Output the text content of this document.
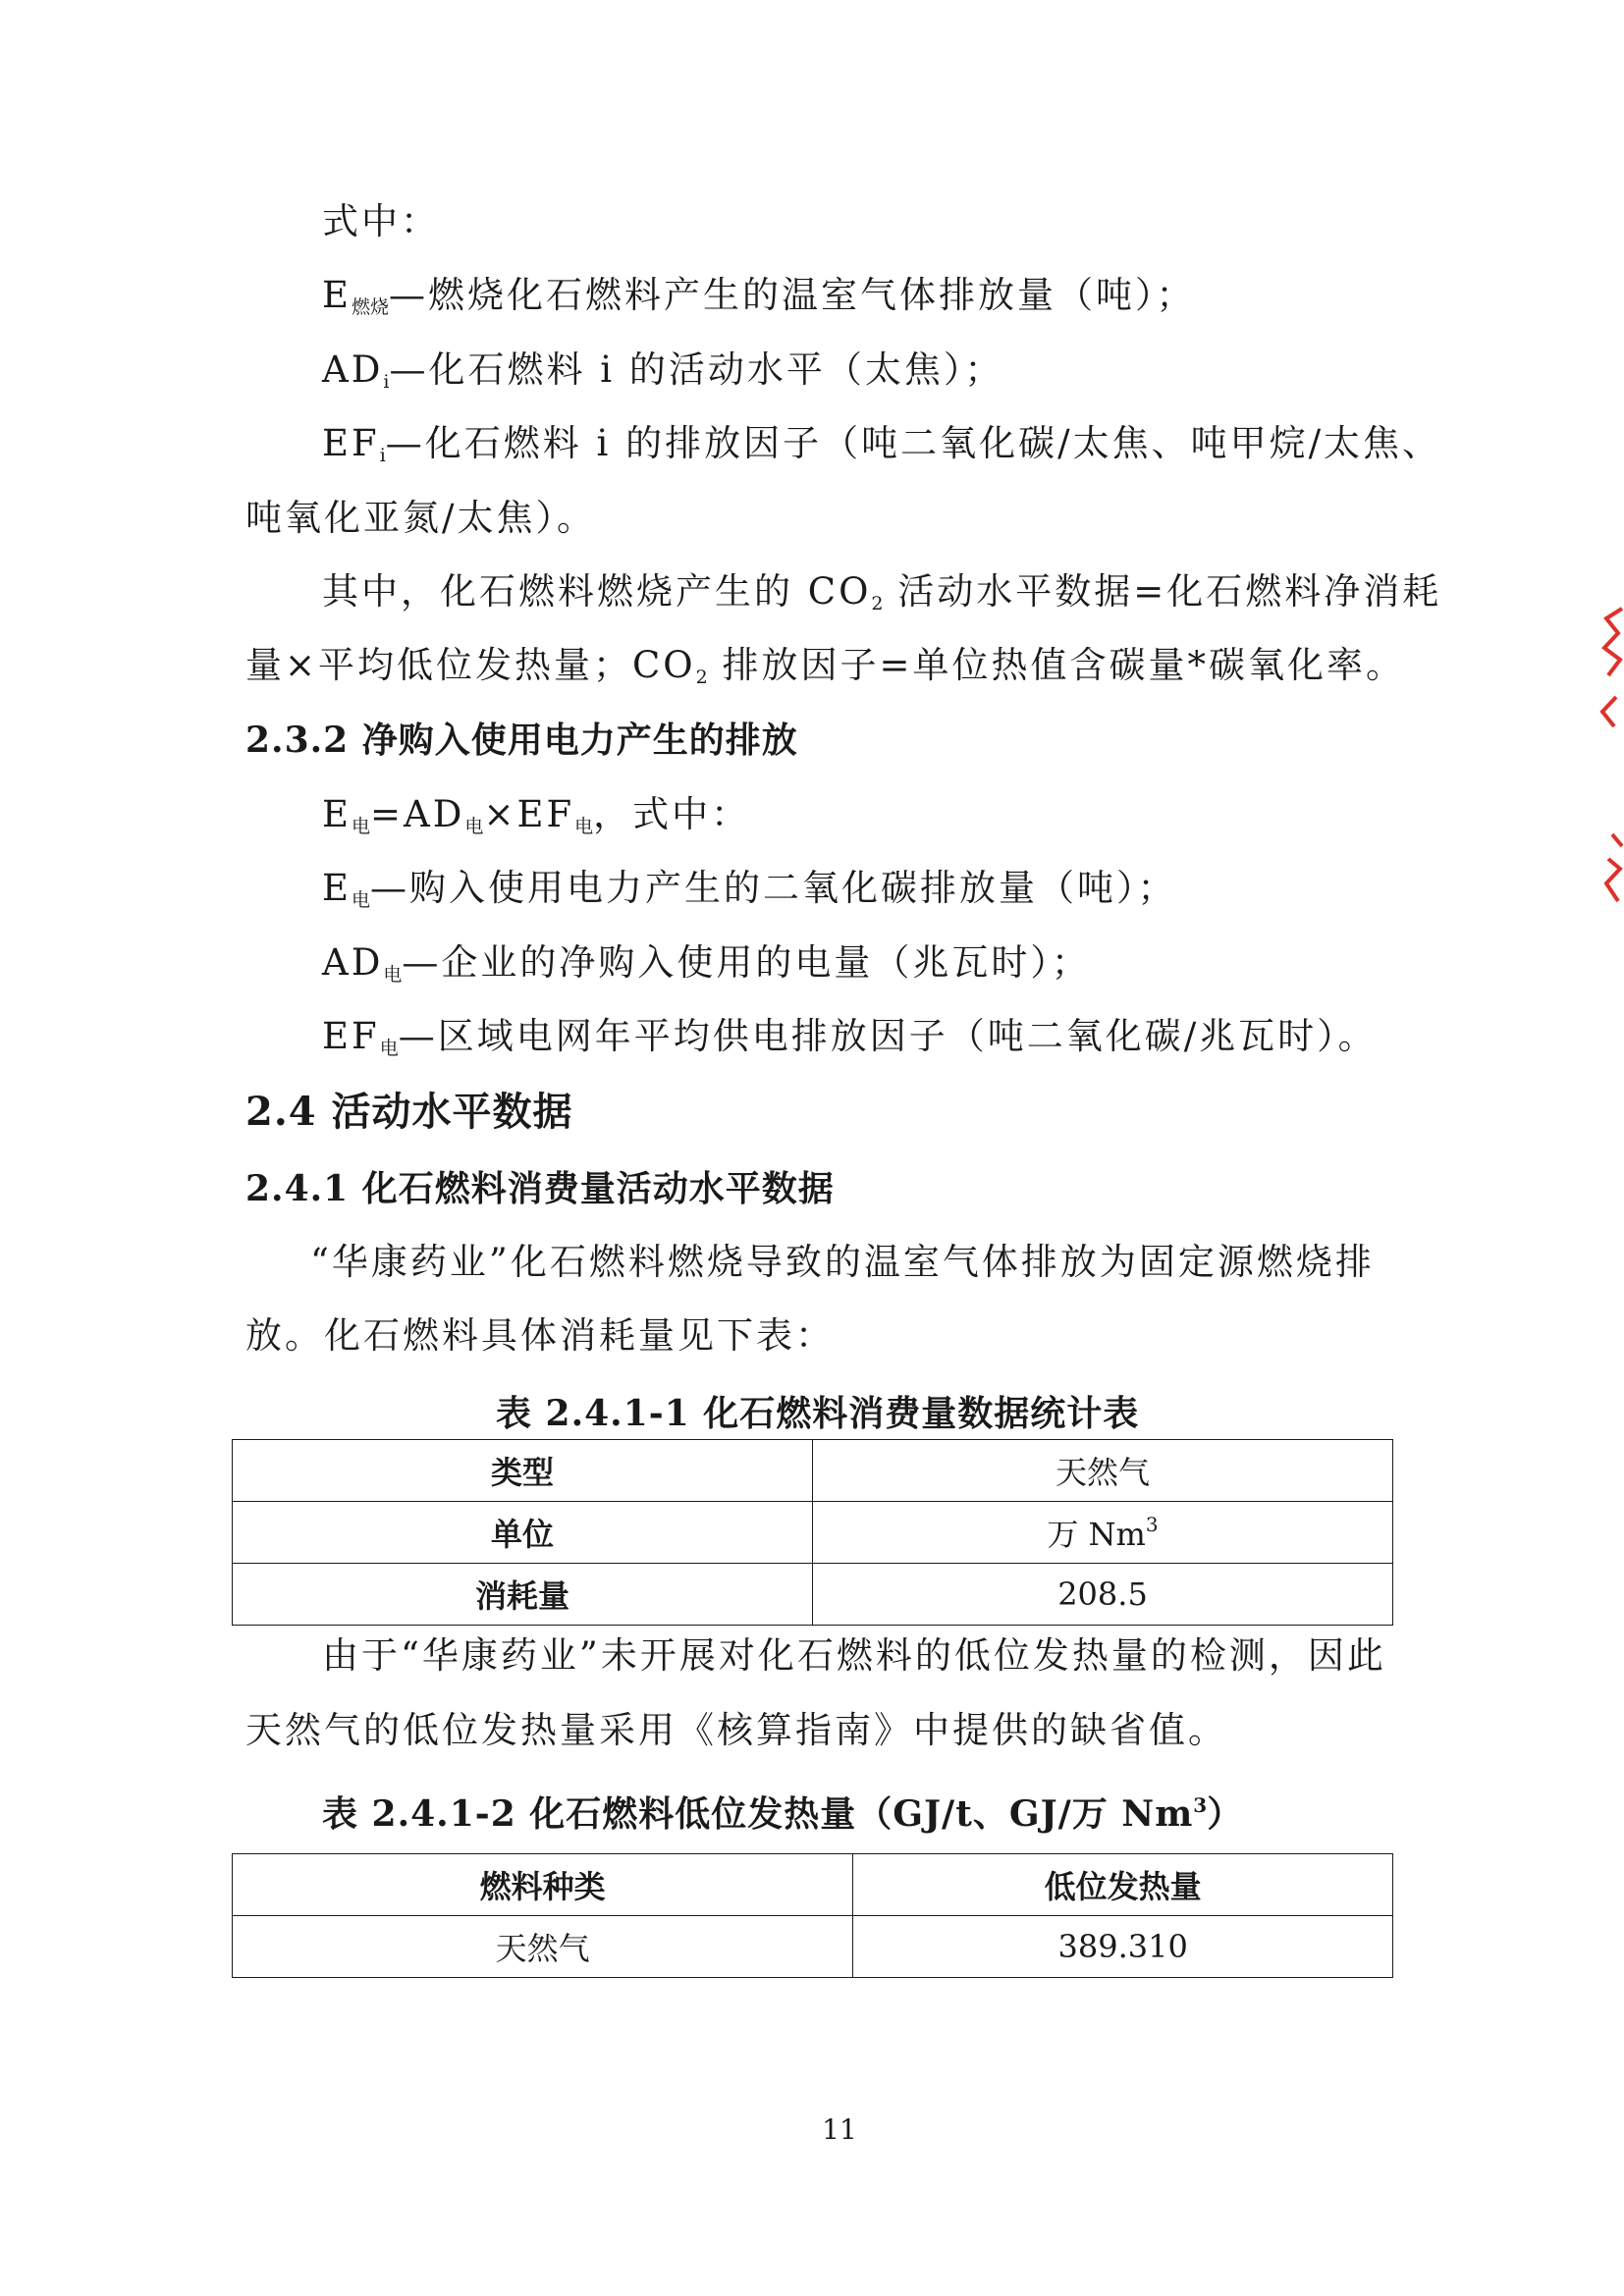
式中：
$E_{燃烧}—$燃烧化石燃料产生的温室气体排放量（吨）；
$AD_i—$化石燃料 i 的活动水平（太焦）；
$EF_i—$化石燃料 i 的排放因子（吨二氧化碳/太焦、吨甲烷/太焦、
吨氧化亚氮/太焦）。
其中，化石燃料燃烧产生的 $CO_2$ 活动水平数据=化石燃料净消耗
量×平均低位发热量；$CO_2$ 排放因子=单位热值含碳量*碳氧化率。
2.3.2 净购入使用电力产生的排放
$E_电=AD_电\times EF_电$，式中：
$E_电—$购入使用电力产生的二氧化碳排放量（吨）；
$AD_电—$企业的净购入使用的电量（兆瓦时）；
$EF_电—$区域电网年平均供电排放因子（吨二氧化碳/兆瓦时）。
2.4 活动水平数据
2.4.1 化石燃料消费量活动水平数据
“华康药业”化石燃料燃烧导致的温室气体排放为固定源燃烧排
放。化石燃料具体消耗量见下表：
表 2.4.1-1 化石燃料消费量数据统计表
类型	天然气
单位	万 Nm$^3$
消耗量	208.5
由于“华康药业”未开展对化石燃料的低位发热量的检测，因此
天然气的低位发热量采用《核算指南》中提供的缺省值。
表 2.4.1-2 化石燃料低位发热量（GJ/t、GJ/万 Nm$^3$）
燃料种类	低位发热量
天然气	389.310
11
